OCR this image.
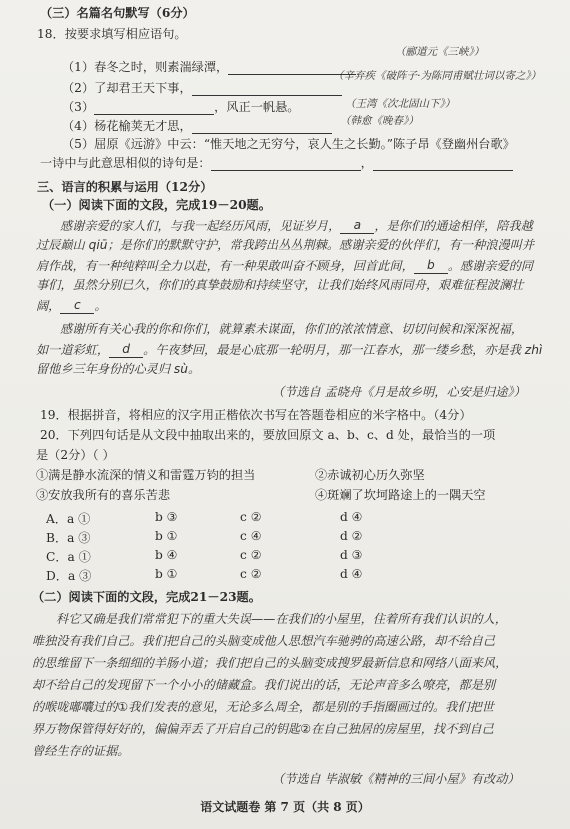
（三）名篇名句默写（6分）
18．按要求填写相应语句。
（郦道元《三峡》）
（1）春冬之时，则素湍绿潭，
（辛弃疾《破阵子·为陈同甫赋壮词以寄之》）
（2）了却君王天下事，
（3）	，风正一帆悬。	（王湾《次北固山下》）
（4）杨花榆荚无才思，	（韩愈《晚春》）
（5）屈原《远游》中云：“惟天地之无穷兮，哀人生之长勤。”陈子昂《登幽州台歌》
一诗中与此意思相似的诗句是：	，
三、语言的积累与运用（12分）
（一）阅读下面的文段，完成19－20题。
感谢亲爱的家人们，与我一起经历风雨，见证岁月， a ，是你们的通途相伴，陪我越
过辰巅山 qiū；是你们的默默守护，常我跨出丛丛荆棘。感谢亲爱的伙伴们，有一种浪漫叫并
肩作战，有一种纯粹叫全力以赴，有一种果敢叫奋不顾身，回首此间， b 。感谢亲爱的同
事们，虽然分别已久，你们的真挚鼓励和持续坚守，让我们始终风雨同舟，艰难征程波澜壮
阔， c 。
感谢所有关心我的你和你们，就算素未谋面，你们的浓浓情意、切切问候和深深祝福，
如一道彩虹， d 。午夜梦回，最是心底那一轮明月，那一江春水，那一缕乡愁，亦是我 zhì
留他乡三年身份的心灵归 sù。
（节选自 孟晓舟《月是故乡明，心安是归途》）
19．根据拼音，将相应的汉字用正楷依次书写在答题卷相应的米字格中。（4分）
20．下列四句话是从文段中抽取出来的，要放回原文 a、b、c、d 处，最恰当的一项
是（2分）（ ）
①满是静水流深的情义和雷霆万钧的担当	②赤诚初心历久弥坚
③安放我所有的喜乐苦悲	④斑斓了坎坷路途上的一隅天空
A．a ①	b ③	c ②	d ④
B．a ③	b ①	c ④	d ②
C．a ①	b ④	c ②	d ③
D．a ③	b ①	c ②	d ④
（二）阅读下面的文段，完成21－23题。
科它又确是我们常常犯下的重大失误——在我们的小屋里，住着所有我们认识的人，
唯独没有我们自己。我们把自己的头脑变成他人思想汽车驰骋的高速公路，却不给自己
的思维留下一条细细的羊肠小道；我们把自己的头脑变成搜罗最新信息和网络八面来风，
却不给自己的发现留下一个小小的储藏盒。我们说出的话，无论声音多么嘹亮，都是别
的喉咙嘟囔过的①我们发表的意见，无论多么周全，都是别的手指圈画过的。我们把世
界万物保管得好好的，偏偏弄丢了开启自己的钥匙②在自己独居的房屋里，找不到自己
曾经生存的证据。
（节选自 毕淑敏《精神的三间小屋》有改动）
语文试题卷 第 7 页（共 8 页）
